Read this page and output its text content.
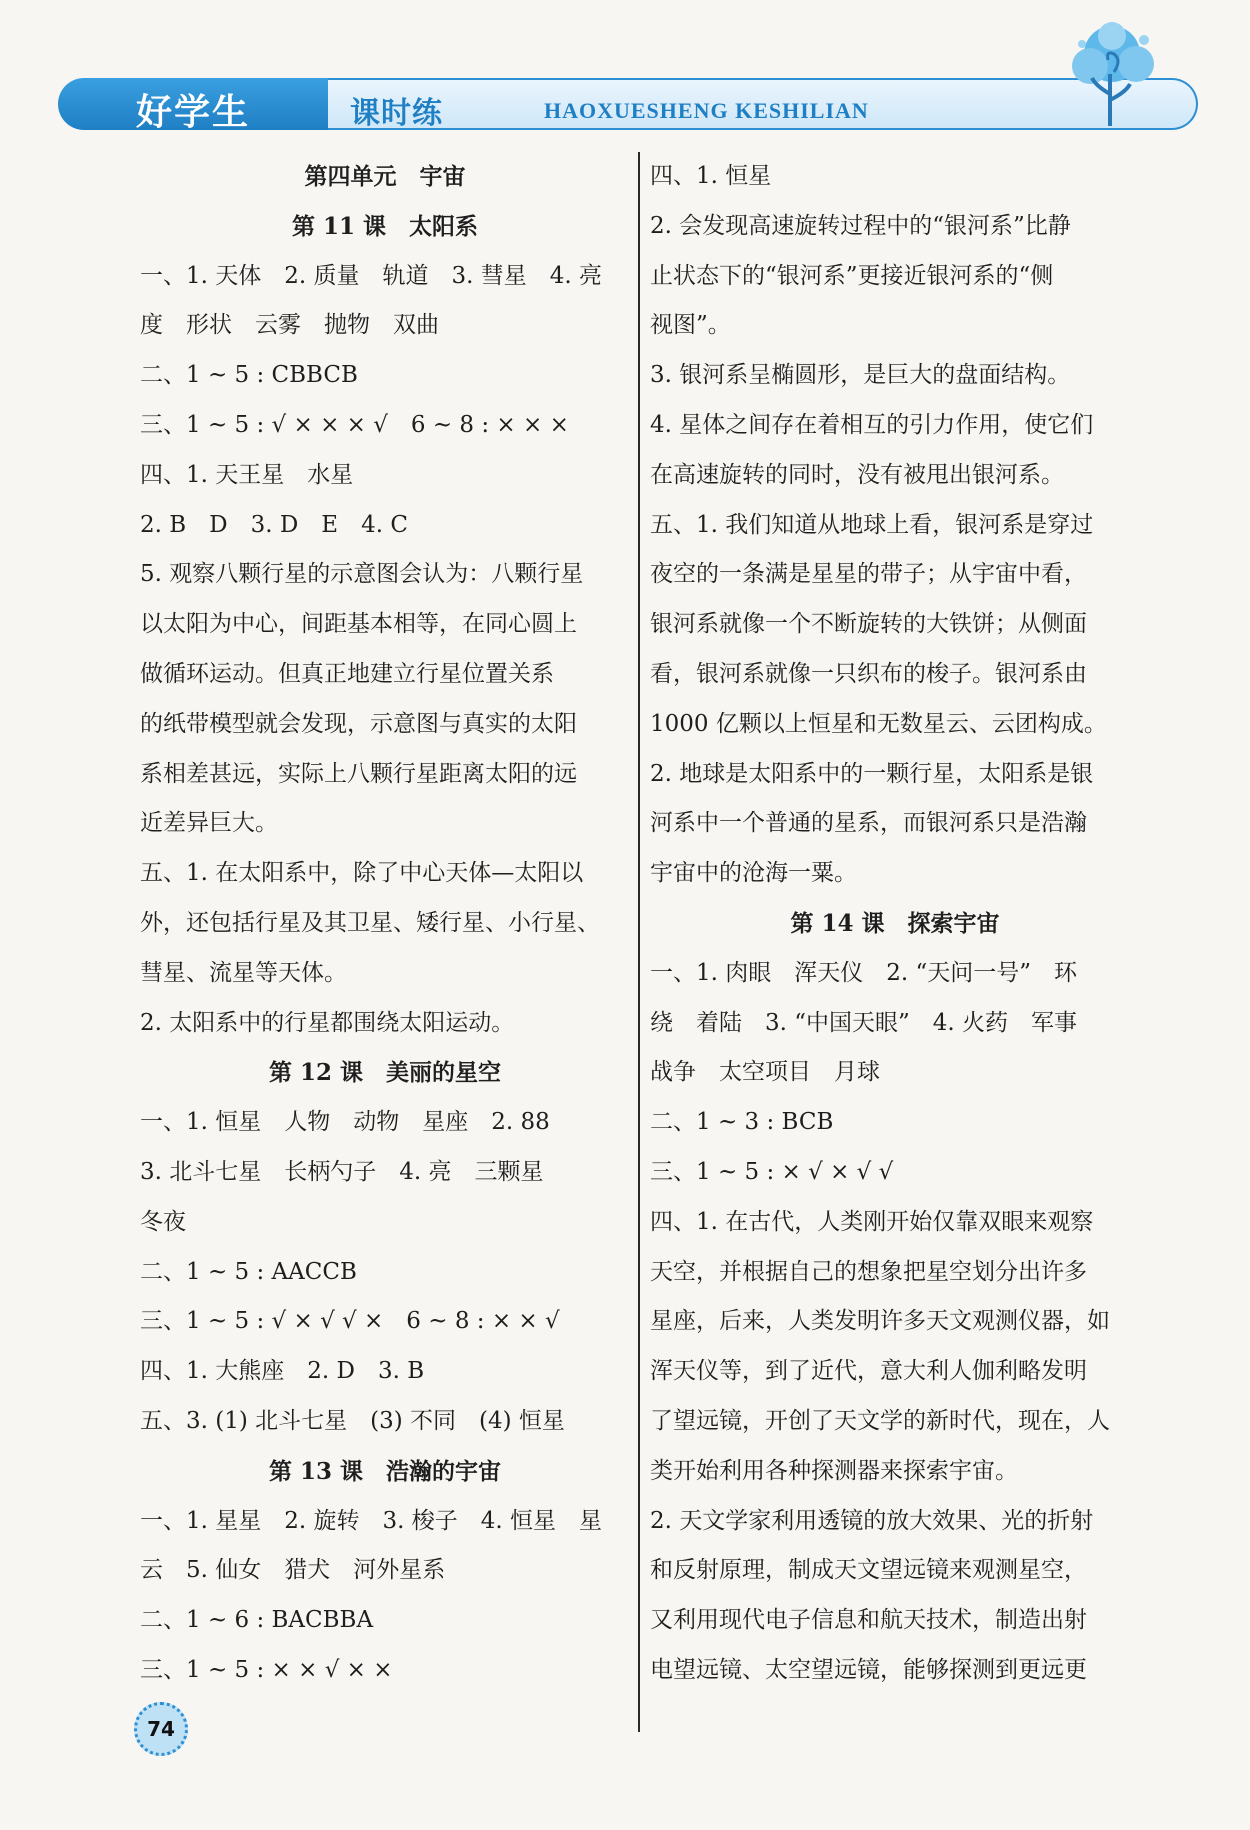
好学生	课时练	HAOXUESHENG KESHILIAN
第四单元　宇宙
第 11 课　太阳系
一、1. 天体　2. 质量　轨道　3. 彗星　4. 亮
度　形状　云雾　抛物　双曲
二、1 ~ 5 : CBBCB
三、1 ~ 5 : √ × × × √　6 ~ 8 : × × ×
四、1. 天王星　水星
2. B　D　3. D　E　4. C
5. 观察八颗行星的示意图会认为：八颗行星
以太阳为中心，间距基本相等，在同心圆上
做循环运动。但真正地建立行星位置关系
的纸带模型就会发现，示意图与真实的太阳
系相差甚远，实际上八颗行星距离太阳的远
近差异巨大。
五、1. 在太阳系中，除了中心天体—太阳以
外，还包括行星及其卫星、矮行星、小行星、
彗星、流星等天体。
2. 太阳系中的行星都围绕太阳运动。
第 12 课　美丽的星空
一、1. 恒星　人物　动物　星座　2. 88
3. 北斗七星　长柄勺子　4. 亮　三颗星
冬夜
二、1 ~ 5 : AACCB
三、1 ~ 5 : √ × √ √ ×　6 ~ 8 : × × √
四、1. 大熊座　2. D　3. B
五、3. (1) 北斗七星　(3) 不同　(4) 恒星
第 13 课　浩瀚的宇宙
一、1. 星星　2. 旋转　3. 梭子　4. 恒星　星
云　5. 仙女　猎犬　河外星系
二、1 ~ 6 : BACBBA
三、1 ~ 5 : × × √ × ×
四、1. 恒星
2. 会发现高速旋转过程中的“银河系”比静
止状态下的“银河系”更接近银河系的“侧
视图”。
3. 银河系呈椭圆形，是巨大的盘面结构。
4. 星体之间存在着相互的引力作用，使它们
在高速旋转的同时，没有被甩出银河系。
五、1. 我们知道从地球上看，银河系是穿过
夜空的一条满是星星的带子；从宇宙中看，
银河系就像一个不断旋转的大铁饼；从侧面
看，银河系就像一只织布的梭子。银河系由
1000 亿颗以上恒星和无数星云、云团构成。
2. 地球是太阳系中的一颗行星，太阳系是银
河系中一个普通的星系，而银河系只是浩瀚
宇宙中的沧海一粟。
第 14 课　探索宇宙
一、1. 肉眼　浑天仪　2. “天问一号”　环
绕　着陆　3. “中国天眼”　4. 火药　军事
战争　太空项目　月球
二、1 ~ 3 : BCB
三、1 ~ 5 : × √ × √ √
四、1. 在古代，人类刚开始仅靠双眼来观察
天空，并根据自己的想象把星空划分出许多
星座，后来，人类发明许多天文观测仪器，如
浑天仪等，到了近代，意大利人伽利略发明
了望远镜，开创了天文学的新时代，现在，人
类开始利用各种探测器来探索宇宙。
2. 天文学家利用透镜的放大效果、光的折射
和反射原理，制成天文望远镜来观测星空，
又利用现代电子信息和航天技术，制造出射
电望远镜、太空望远镜，能够探测到更远更
74
